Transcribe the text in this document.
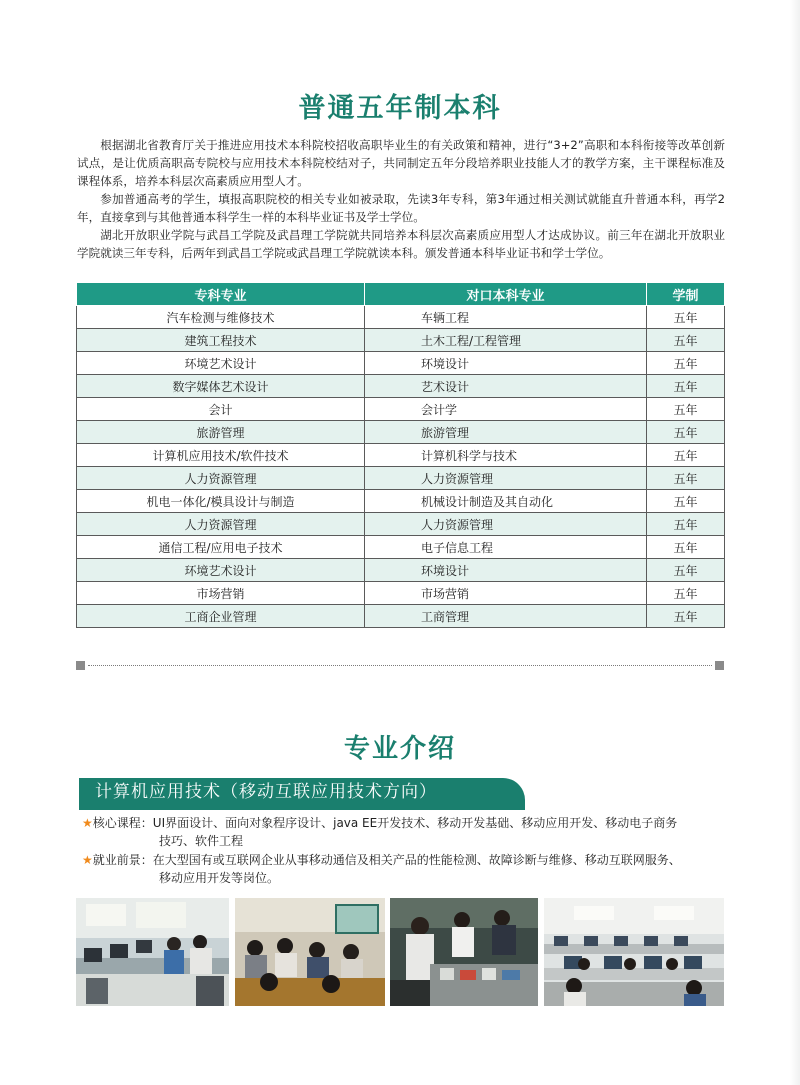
普通五年制本科

根据湖北省教育厅关于推进应用技术本科院校招收高职毕业生的有关政策和精神，进行“3+2”高职和本科衔接等改革创新试点，是让优质高职高专院校与应用技术本科院校结对子，共同制定五年分段培养职业技能人才的教学方案，主干课程标准及课程体系，培养本科层次高素质应用型人才。

参加普通高考的学生，填报高职院校的相关专业如被录取，先读3年专科，第3年通过相关测试就能直升普通本科，再学2年，直接拿到与其他普通本科学生一样的本科毕业证书及学士学位。

湖北开放职业学院与武昌工学院及武昌理工学院就共同培养本科层次高素质应用型人才达成协议。前三年在湖北开放职业学院就读三年专科，后两年到武昌工学院或武昌理工学院就读本科。颁发普通本科毕业证书和学士学位。

专科专业	对口本科专业	学制
汽车检测与维修技术	车辆工程	五年
建筑工程技术	土木工程/工程管理	五年
环境艺术设计	环境设计	五年
数字媒体艺术设计	艺术设计	五年
会计	会计学	五年
旅游管理	旅游管理	五年
计算机应用技术/软件技术	计算机科学与技术	五年
人力资源管理	人力资源管理	五年
机电一体化/模具设计与制造	机械设计制造及其自动化	五年
人力资源管理	人力资源管理	五年
通信工程/应用电子技术	电子信息工程	五年
环境艺术设计	环境设计	五年
市场营销	市场营销	五年
工商企业管理	工商管理	五年
专业介绍
计算机应用技术（移动互联应用技术方向）
★核心课程：UI界面设计、面向对象程序设计、java EE开发技术、移动开发基础、移动应用开发、移动电子商务
技巧、软件工程
★就业前景：在大型国有或互联网企业从事移动通信及相关产品的性能检测、故障诊断与维修、移动互联网服务、
移动应用开发等岗位。
